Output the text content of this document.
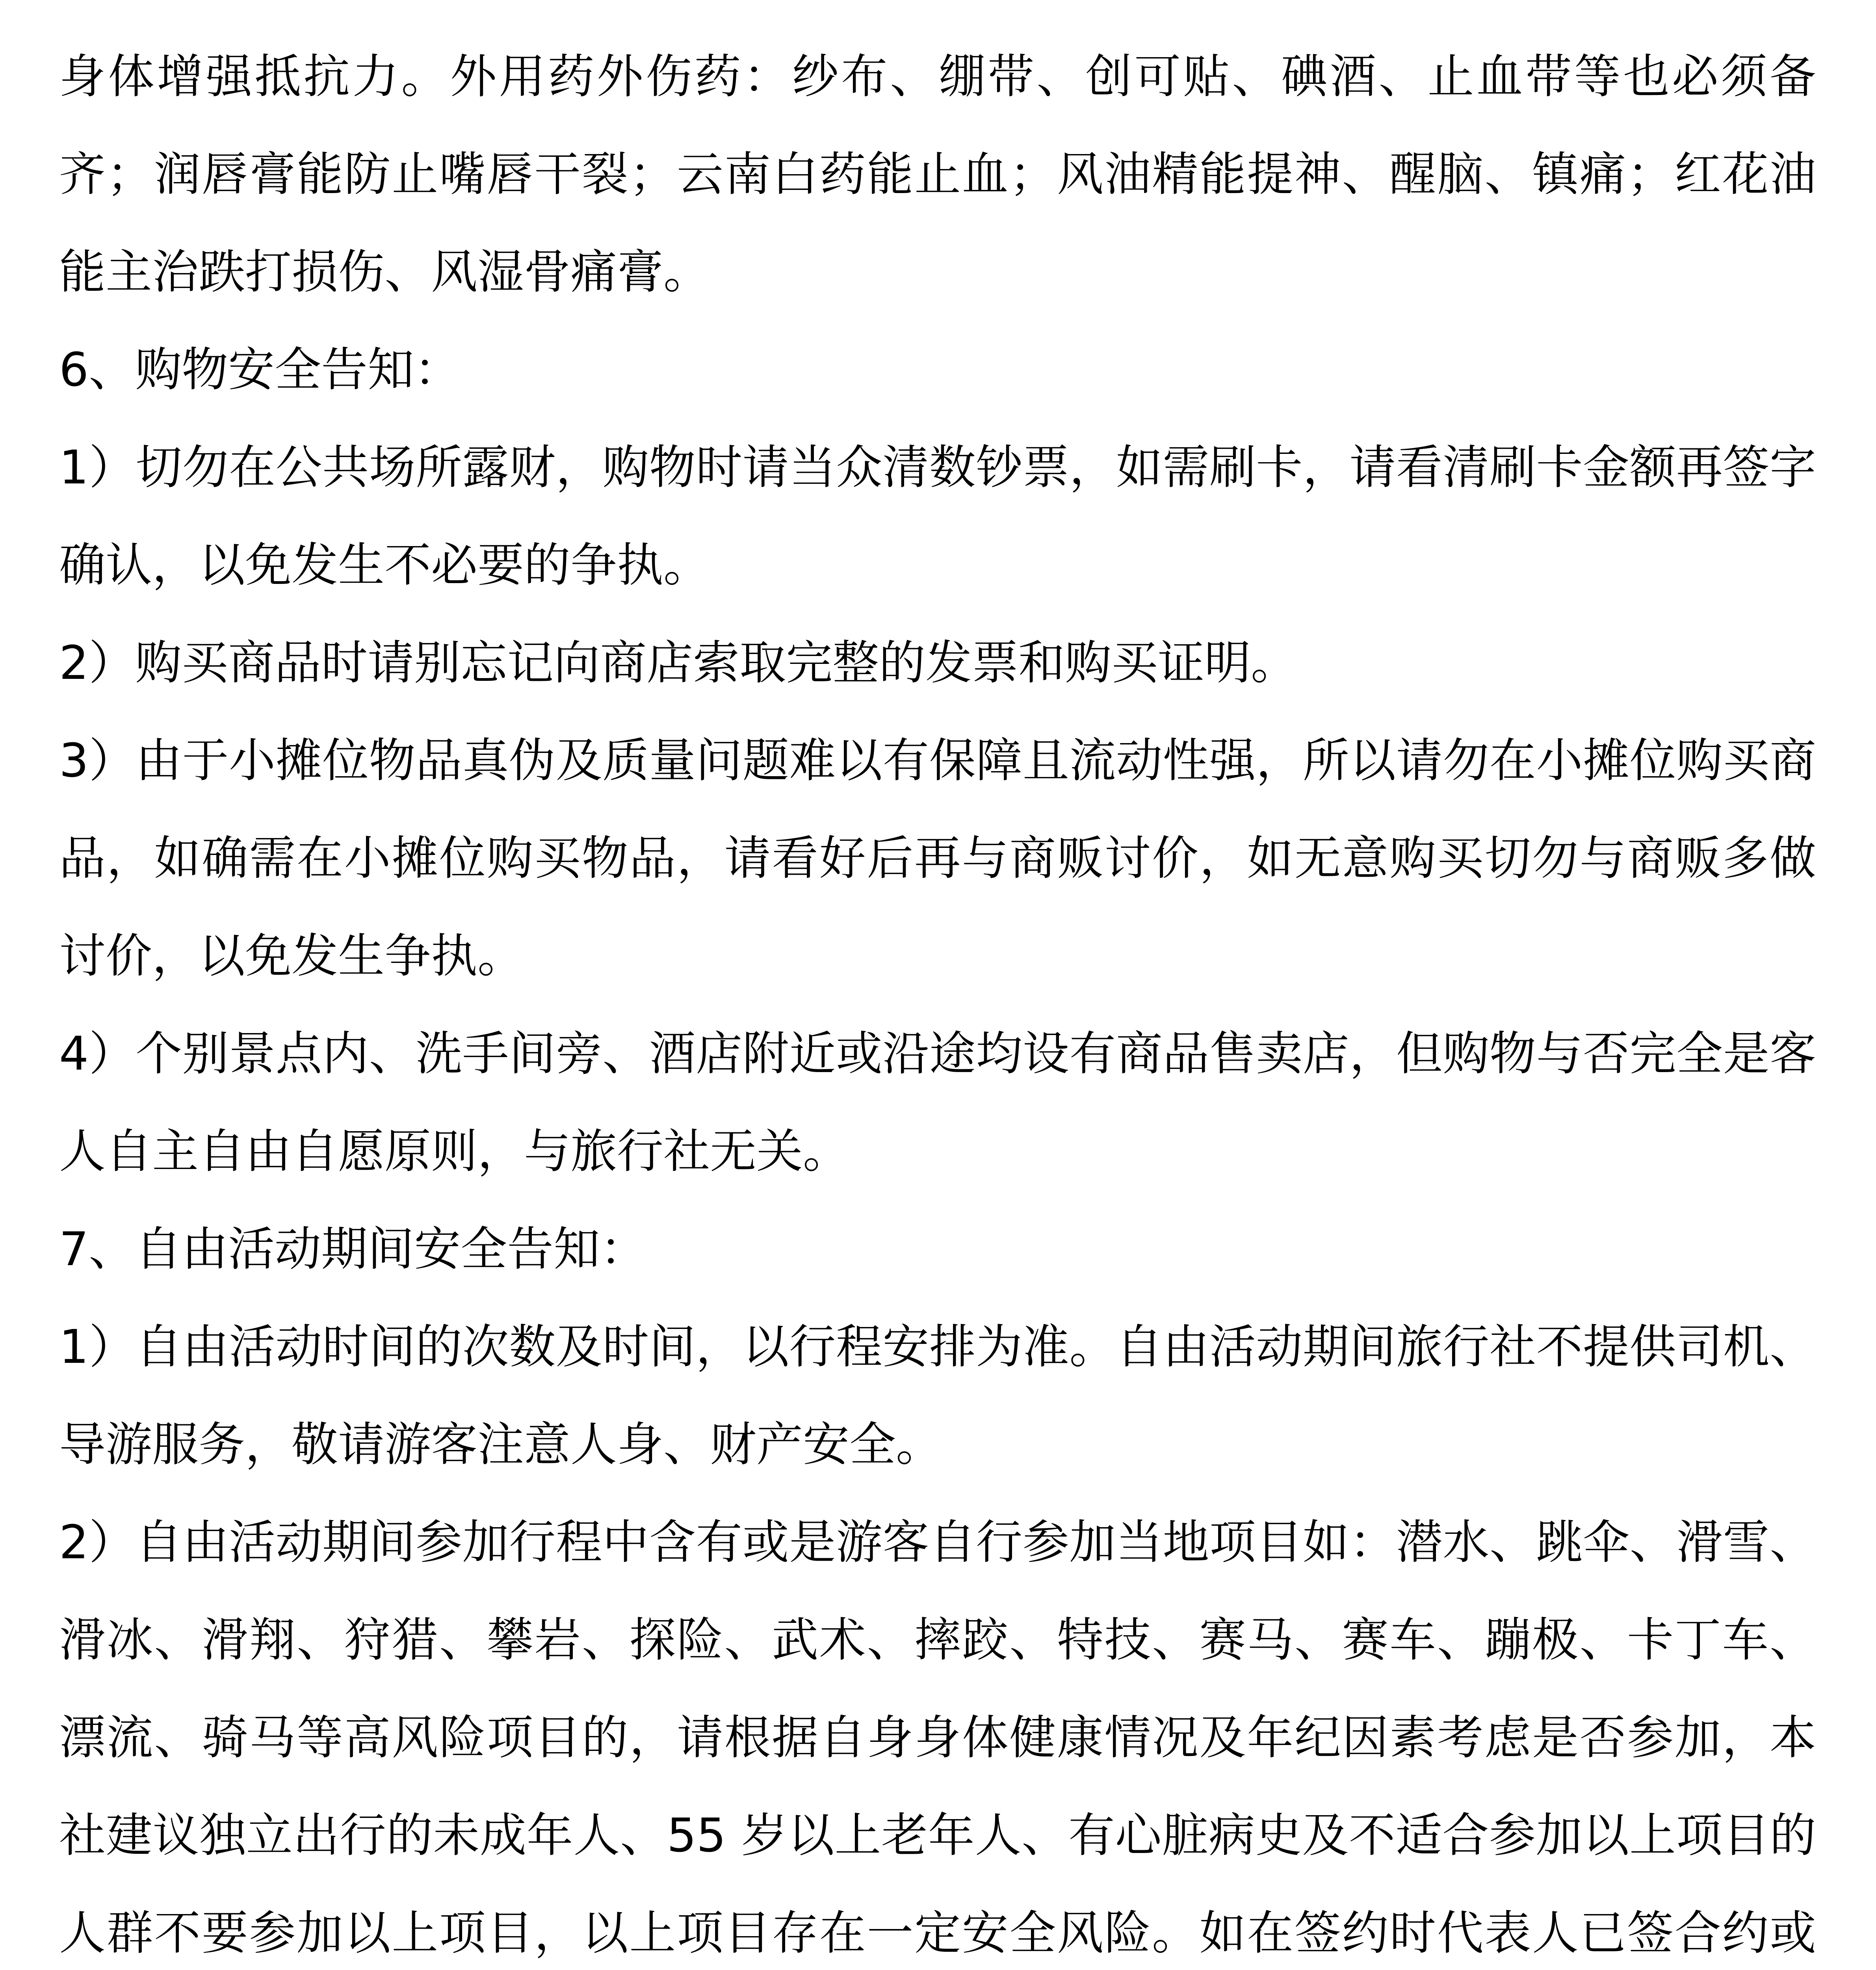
身体增强抵抗力。外用药外伤药：纱布、绷带、创可贴、碘酒、止血带等也必须备齐；润唇膏能防止嘴唇干裂；云南白药能止血；风油精能提神、醒脑、镇痛；红花油能主治跌打损伤、风湿骨痛膏。

6、购物安全告知：

1）切勿在公共场所露财，购物时请当众清数钞票，如需刷卡，请看清刷卡金额再签字确认，以免发生不必要的争执。

2）购买商品时请别忘记向商店索取完整的发票和购买证明。

3）由于小摊位物品真伪及质量问题难以有保障且流动性强，所以请勿在小摊位购买商品，如确需在小摊位购买物品，请看好后再与商贩讨价，如无意购买切勿与商贩多做讨价，以免发生争执。

4）个别景点内、洗手间旁、酒店附近或沿途均设有商品售卖店，但购物与否完全是客人自主自由自愿原则，与旅行社无关。

7、自由活动期间安全告知：

1）自由活动时间的次数及时间，以行程安排为准。自由活动期间旅行社不提供司机、导游服务，敬请游客注意人身、财产安全。

2）自由活动期间参加行程中含有或是游客自行参加当地项目如：潜水、跳伞、滑雪、滑冰、滑翔、狩猎、攀岩、探险、武术、摔跤、特技、赛马、赛车、蹦极、卡丁车、漂流、骑马等高风险项目的，请根据自身身体健康情况及年纪因素考虑是否参加，本社建议独立出行的未成年人、55 岁以上老年人、有心脏病史及不适合参加以上项目的人群不要参加以上项目，以上项目存在一定安全风险。如在签约时代表人已签合约或
